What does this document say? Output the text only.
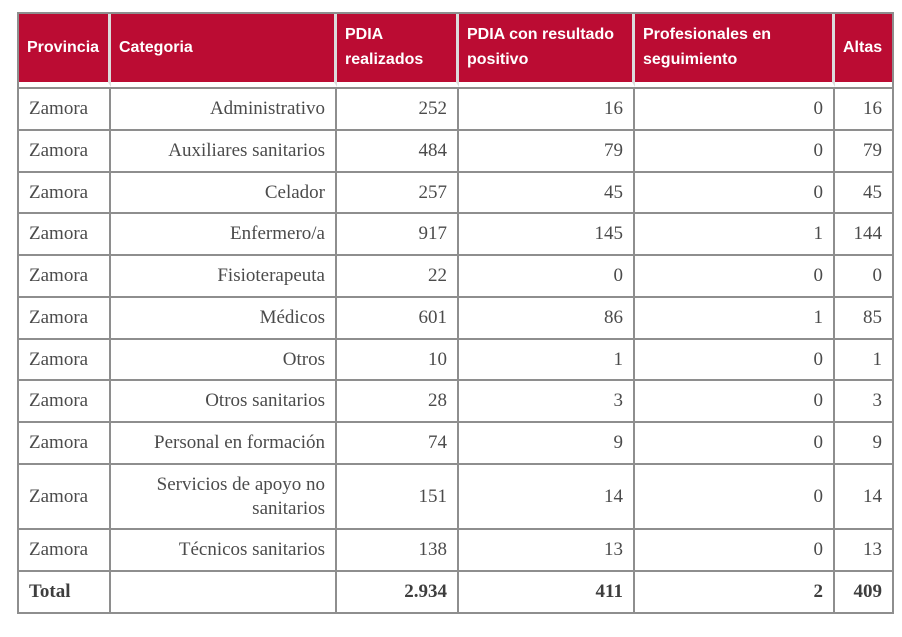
Provincia	Categoria	PDIA realizados	PDIA con resultado positivo	Profesionales en seguimiento	Altas
Zamora	Administrativo	252	16	0	16
Zamora	Auxiliares sanitarios	484	79	0	79
Zamora	Celador	257	45	0	45
Zamora	Enfermero/a	917	145	1	144
Zamora	Fisioterapeuta	22	0	0	0
Zamora	Médicos	601	86	1	85
Zamora	Otros	10	1	0	1
Zamora	Otros sanitarios	28	3	0	3
Zamora	Personal en formación	74	9	0	9
Zamora	Servicios de apoyo no sanitarios	151	14	0	14
Zamora	Técnicos sanitarios	138	13	0	13
Total		2.934	411	2	409
